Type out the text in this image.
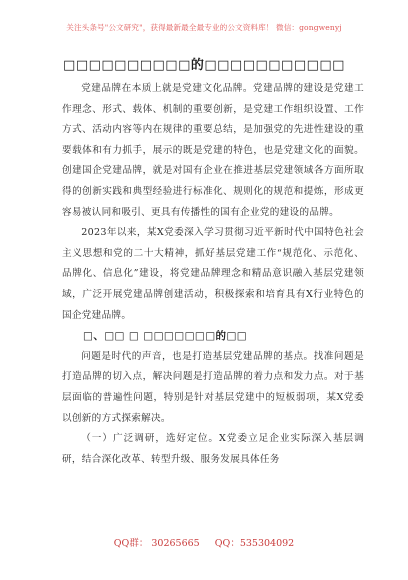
关注头条号"公文研究"，获得最新最全最专业的公文资料库！ 微信：gongwenyj
□□□□□□□□□□的□□□□□□□□□□□

党建品牌在本质上就是党建文化品牌。党建品牌的建设是党建工作理念、形式、载体、机制的重要创新，是党建工作组织设置、工作方式、活动内容等内在规律的重要总结，是加强党的先进性建设的重要载体和有力抓手，展示的既是党建的特色，也是党建文化的面貌。创建国企党建品牌，就是对国有企业在推进基层党建领域各方面所取得的创新实践和典型经验进行标准化、规则化的规范和提炼，形成更容易被认同和吸引、更具有传播性的国有企业党的建设的品牌。

2023年以来，某X党委深入学习贯彻习近平新时代中国特色社会主义思想和党的二十大精神，抓好基层党建工作“规范化、示范化、品牌化、信息化”建设，将党建品牌理念和精品意识融入基层党建领域，广泛开展党建品牌创建活动，积极探索和培育具有X行业特色的国企党建品牌。

□、□□ □ □□□□□□□的□□

问题是时代的声音，也是打造基层党建品牌的基点。找准问题是打造品牌的切入点，解决问题是打造品牌的着力点和发力点。对于基层面临的普遍性问题，特别是针对基层党建中的短板弱项，某X党委以创新的方式探索解决。

（一）广泛调研，选好定位。X党委立足企业实际深入基层调研，结合深化改革、转型升级、服务发展具体任务

QQ群： 30265665 QQ：535304092
